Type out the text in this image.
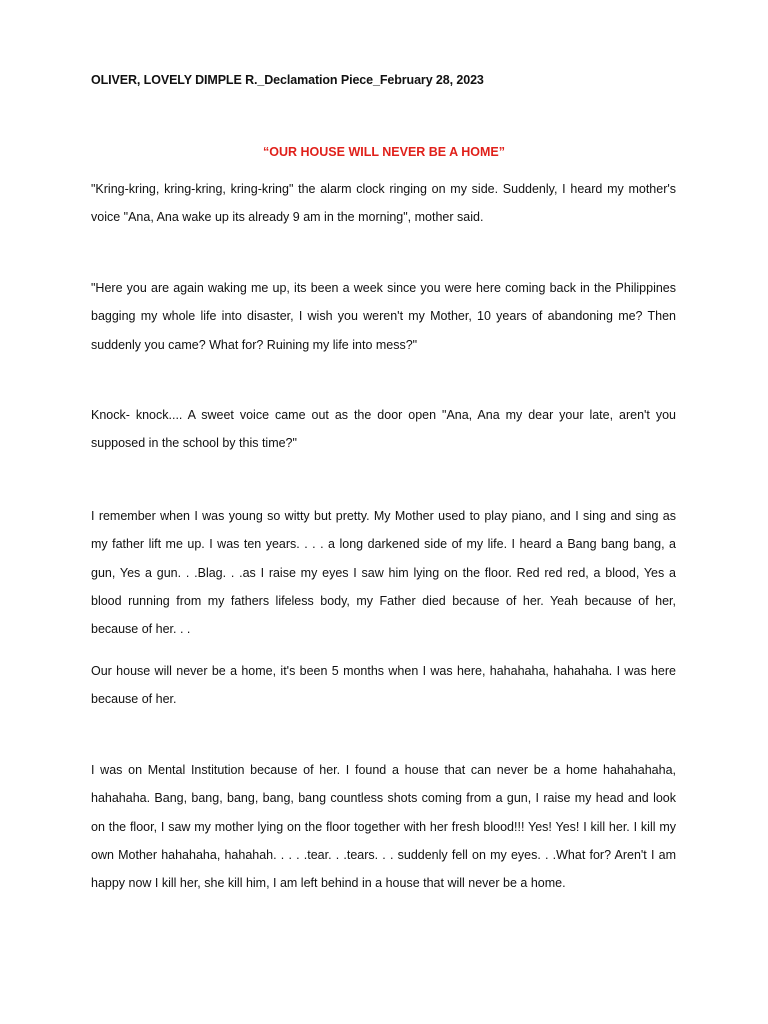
OLIVER, LOVELY DIMPLE R._Declamation Piece_February 28, 2023
“OUR HOUSE WILL NEVER BE A HOME”

"Kring-kring, kring-kring, kring-kring" the alarm clock ringing on my side. Suddenly, I heard my mother's voice "Ana, Ana wake up its already 9 am in the morning", mother said.

"Here you are again waking me up, its been a week since you were here coming back in the Philippines bagging my whole life into disaster, I wish you weren't my Mother, 10 years of abandoning me? Then suddenly you came? What for? Ruining my life into mess?"

Knock- knock.... A sweet voice came out as the door open "Ana, Ana my dear your late, aren't you supposed in the school by this time?"

I remember when I was young so witty but pretty. My Mother used to play piano, and I sing and sing as my father lift me up. I was ten years. . . . a long darkened side of my life. I heard a Bang bang bang, a gun, Yes a gun. . .Blag. . .as I raise my eyes I saw him lying on the floor. Red red red, a blood, Yes a blood running from my fathers lifeless body, my Father died because of her. Yeah because of her, because of her. . .

Our house will never be a home, it's been 5 months when I was here, hahahaha, hahahaha. I was here because of her.

I was on Mental Institution because of her. I found a house that can never be a home hahahahaha, hahahaha. Bang, bang, bang, bang, bang countless shots coming from a gun, I raise my head and look on the floor, I saw my mother lying on the floor together with her fresh blood!!! Yes! Yes! I kill her. I kill my own Mother hahahaha, hahahah. . . . .tear. . .tears. . . suddenly fell on my eyes. . .What for? Aren't I am happy now I kill her, she kill him, I am left behind in a house that will never be a home.
